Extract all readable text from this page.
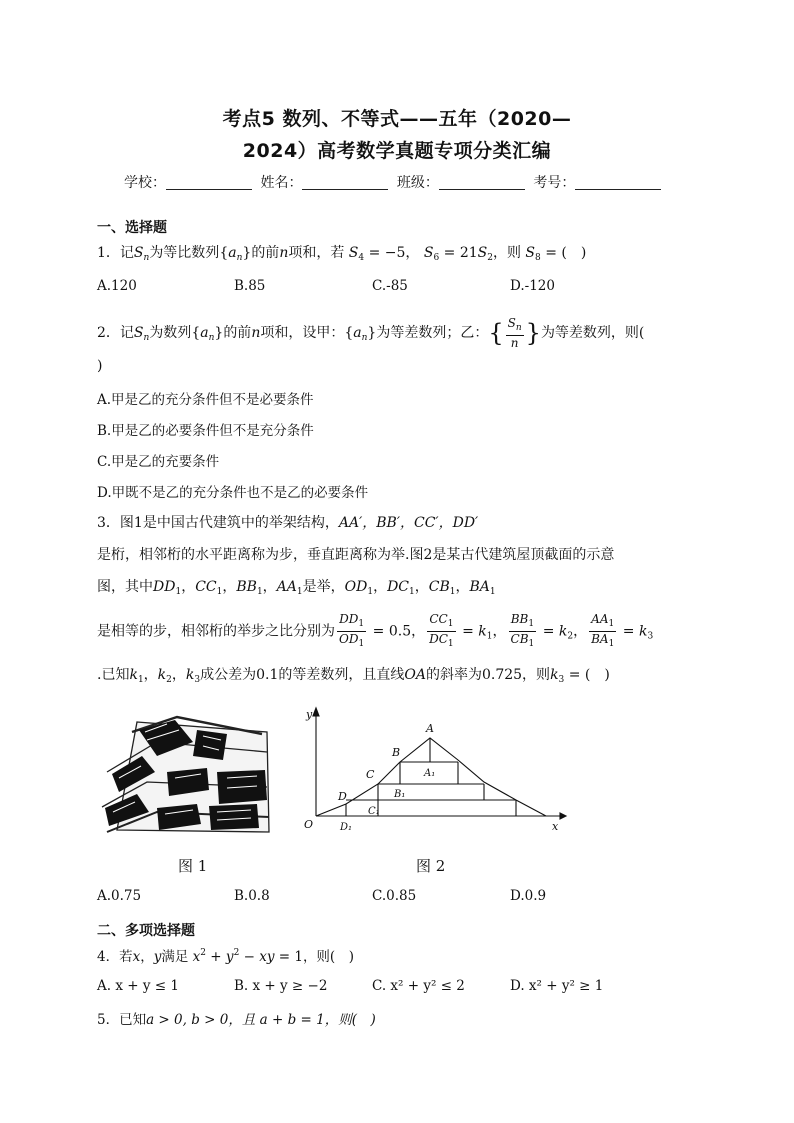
考点5 数列、不等式——五年（2020—
2024）高考数学真题专项分类汇编
学校：	姓名：	班级：	考号：
一、选择题
1．记$S_n$为等比数列$\{a_n\}$的前n项和，若 $S_4 = -5$， $S_6 = 21S_2$，则 $S_8$ = (　)
A.120	B.85	C.-85	D.-120
2．记$S_n$为数列$\{a_n\}$的前n项和，设甲：$\{a_n\}$为等差数列；乙：{ $\frac{S_n}{n}$ }为等差数列，则(
)
A.甲是乙的充分条件但不是必要条件
B.甲是乙的必要条件但不是充分条件
C.甲是乙的充要条件
D.甲既不是乙的充分条件也不是乙的必要条件
3．图1是中国古代建筑中的举架结构，AA′，BB′，CC′，DD′
是桁，相邻桁的水平距离称为步，垂直距离称为举.图2是某古代建筑屋顶截面的示意
图，其中$DD_1$，$CC_1$，$BB_1$，$AA_1$是举，$OD_1$，$DC_1$，$CB_1$，$BA_1$
是相等的步，相邻桁的举步之比分别为 $\frac{DD_1}{OD_1} = 0.5$， $\frac{CC_1}{DC_1} = k_1$， $\frac{BB_1}{CB_1} = k_2$， $\frac{AA_1}{BA_1} = k_3$
.已知$k_1$，$k_2$，$k_3$成公差为0.1的等差数列，且直线OA的斜率为0.725，则$k_3$ = (　)
图 1
y
A
B
A₁
C
B₁
D
C₁
O	D₁	x
图 2
A.0.75	B.0.8	C.0.85	D.0.9
二、多项选择题
4．若x，y满足 $x^2 + y^2$ − xy = 1，则(　)
A. x + y ≤ 1	B. x + y ≥ −2	C. x² + y² ≤ 2	D. x² + y² ≥ 1
5．已知a > 0, b > 0，且 a + b = 1，则(　)
